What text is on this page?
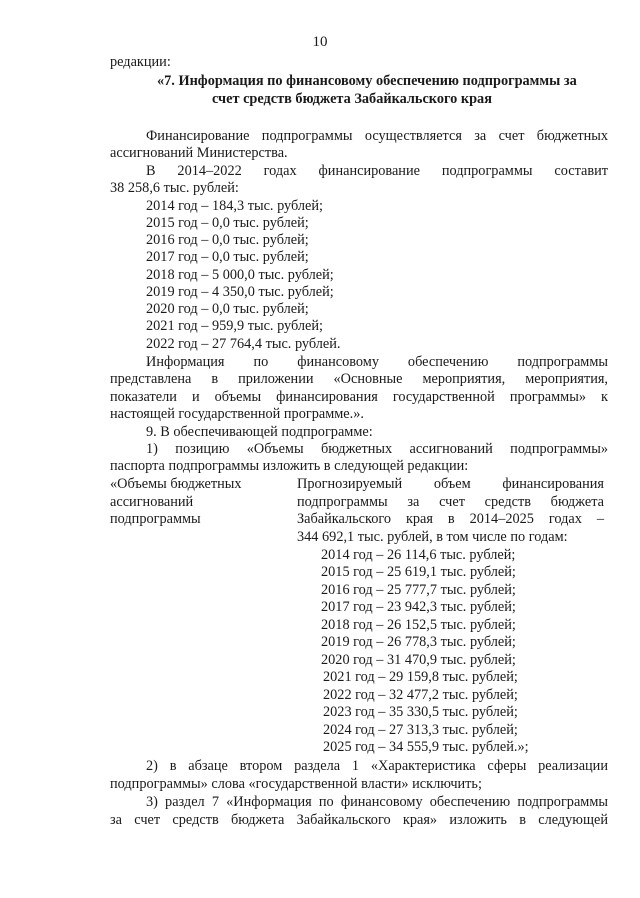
10
редакции:
«7. Информация по финансовому обеспечению подпрограммы за
счет средств бюджета Забайкальского края
Финансирование подпрограммы осуществляется за счет бюджетных
ассигнований Министерства.
В 2014–2022 годах финансирование подпрограммы составит
38 258,6 тыс. рублей:
2014 год – 184,3 тыс. рублей;
2015 год – 0,0 тыс. рублей;
2016 год – 0,0 тыс. рублей;
2017 год – 0,0 тыс. рублей;
2018 год – 5 000,0 тыс. рублей;
2019 год – 4 350,0 тыс. рублей;
2020 год – 0,0 тыс. рублей;
2021 год – 959,9 тыс. рублей;
2022 год – 27 764,4 тыс. рублей.
Информация по финансовому обеспечению подпрограммы
представлена в приложении «Основные мероприятия, мероприятия,
показатели и объемы финансирования государственной программы» к
настоящей государственной программе.».
9. В обеспечивающей подпрограмме:
1) позицию «Объемы бюджетных ассигнований подпрограммы»
паспорта подпрограммы изложить в следующей редакции:
«Объемы бюджетных
ассигнований
подпрограммы
Прогнозируемый объем финансирования
подпрограммы за счет средств бюджета
Забайкальского края в 2014–2025 годах –
344 692,1 тыс. рублей, в том числе по годам:
2014 год – 26 114,6 тыс. рублей;
2015 год – 25 619,1 тыс. рублей;
2016 год – 25 777,7 тыс. рублей;
2017 год – 23 942,3 тыс. рублей;
2018 год – 26 152,5 тыс. рублей;
2019 год – 26 778,3 тыс. рублей;
2020 год – 31 470,9 тыс. рублей;
2021 год – 29 159,8 тыс. рублей;
2022 год – 32 477,2 тыс. рублей;
2023 год – 35 330,5 тыс. рублей;
2024 год – 27 313,3 тыс. рублей;
2025 год – 34 555,9 тыс. рублей.»;
2) в абзаце втором раздела 1 «Характеристика сферы реализации
подпрограммы» слова «государственной власти» исключить;
3) раздел 7 «Информация по финансовому обеспечению подпрограммы
за счет средств бюджета Забайкальского края» изложить в следующей
